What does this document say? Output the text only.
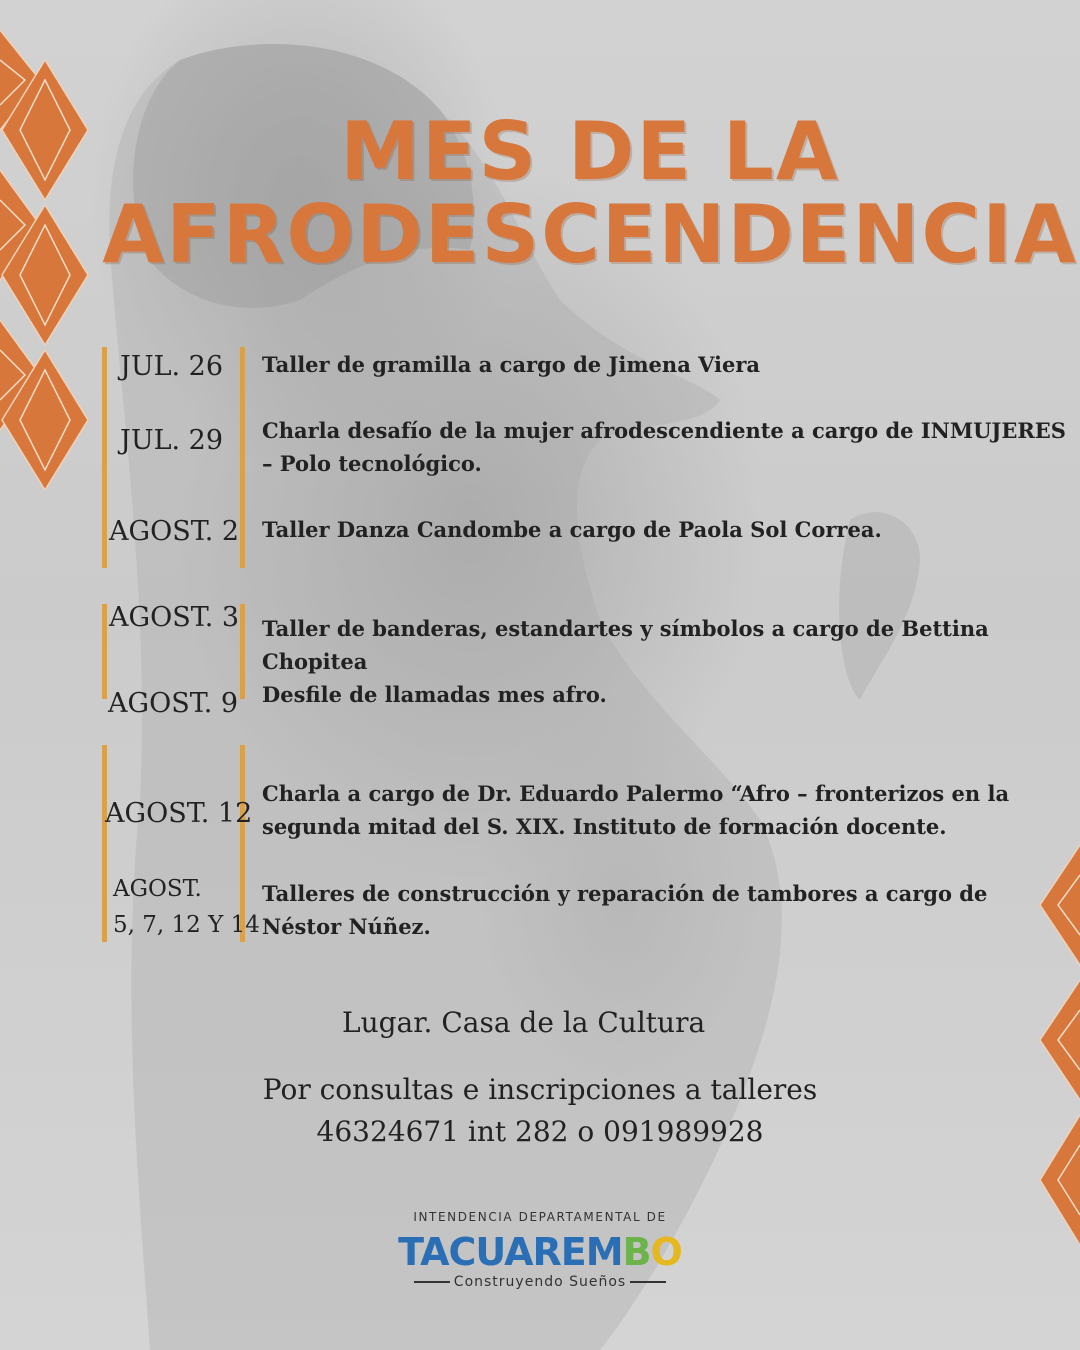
MES DE LA
AFRODESCENDENCIA
JUL. 26
JUL. 29
AGOST. 2
AGOST. 3
AGOST. 9
AGOST. 12
AGOST.
5, 7, 12 Y 14
Taller de gramilla a cargo de Jimena Viera
Charla desafío de la mujer afrodescendiente a cargo de INMUJERES – Polo tecnológico.
Taller Danza Candombe a cargo de Paola Sol Correa.
Taller de banderas, estandartes y símbolos a cargo de Bettina Chopitea
Desfile de llamadas mes afro.
Charla a cargo de Dr. Eduardo Palermo “Afro – fronterizos en la segunda mitad del S. XIX. Instituto de formación docente.
Talleres de construcción y reparación de tambores a cargo de Néstor Núñez.
Lugar. Casa de la Cultura
Por consultas e inscripciones a talleres
46324671 int 282 o 091989928
INTENDENCIA DEPARTAMENTAL DE
TACUAREMBO
Construyendo Sueños
